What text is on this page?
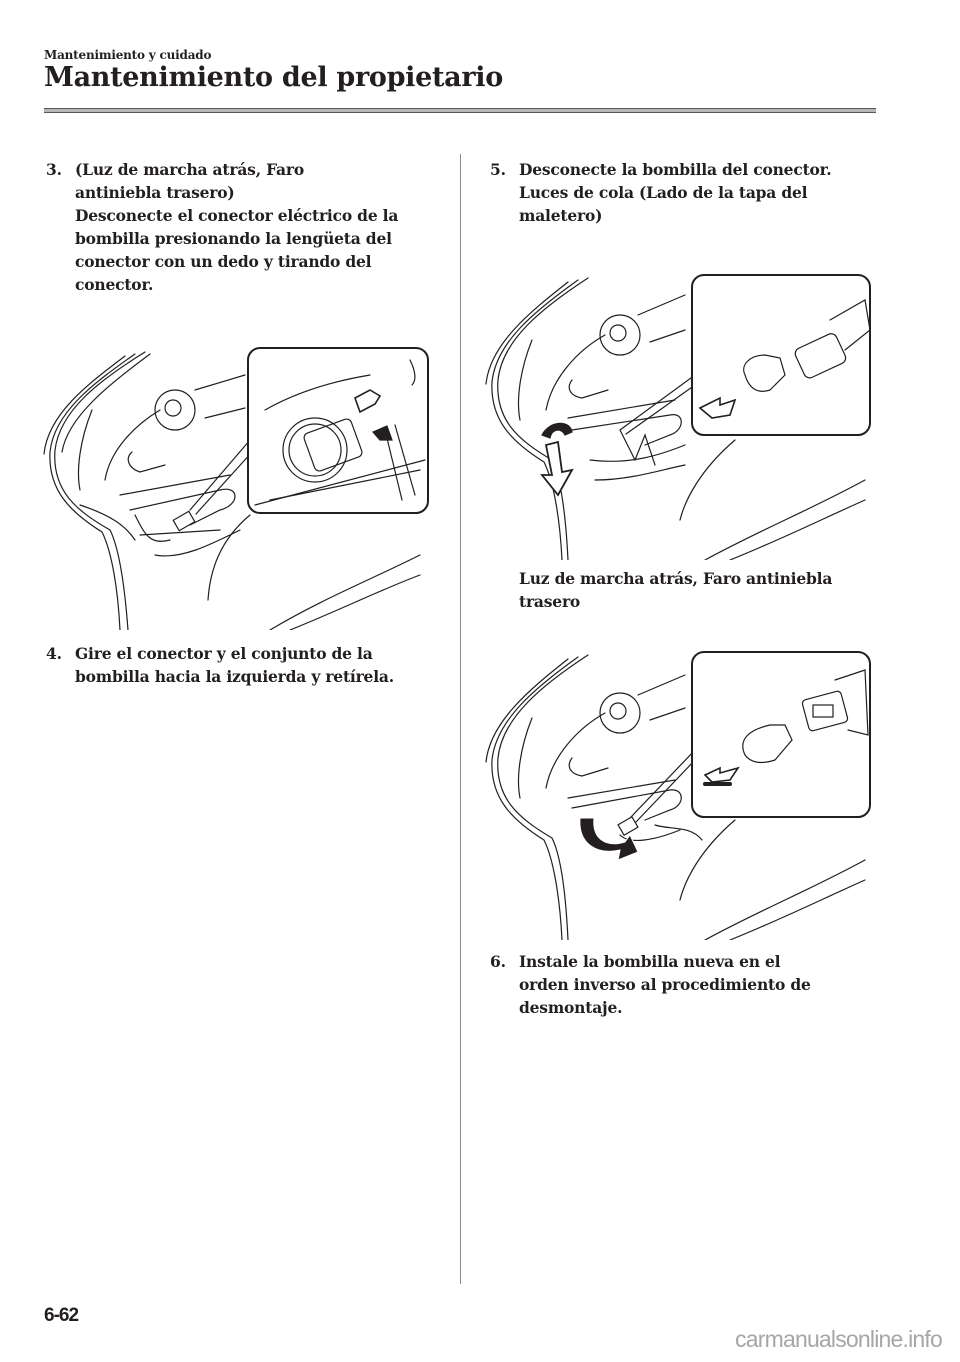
Mantenimiento y cuidado
Mantenimiento del propietario
3. (Luz de marcha atrás, Faro
antiniebla trasero)
Desconecte el conector eléctrico de la
bombilla presionando la lengüeta del
conector con un dedo y tirando del
conector.
4. Gire el conector y el conjunto de la
bombilla hacia la izquierda y retírela.
5. Desconecte la bombilla del conector.
Luces de cola (Lado de la tapa del
maletero)
Luz de marcha atrás, Faro antiniebla
trasero
6. Instale la bombilla nueva en el
orden inverso al procedimiento de
desmontaje.
6-62
carmanualsonline.info
